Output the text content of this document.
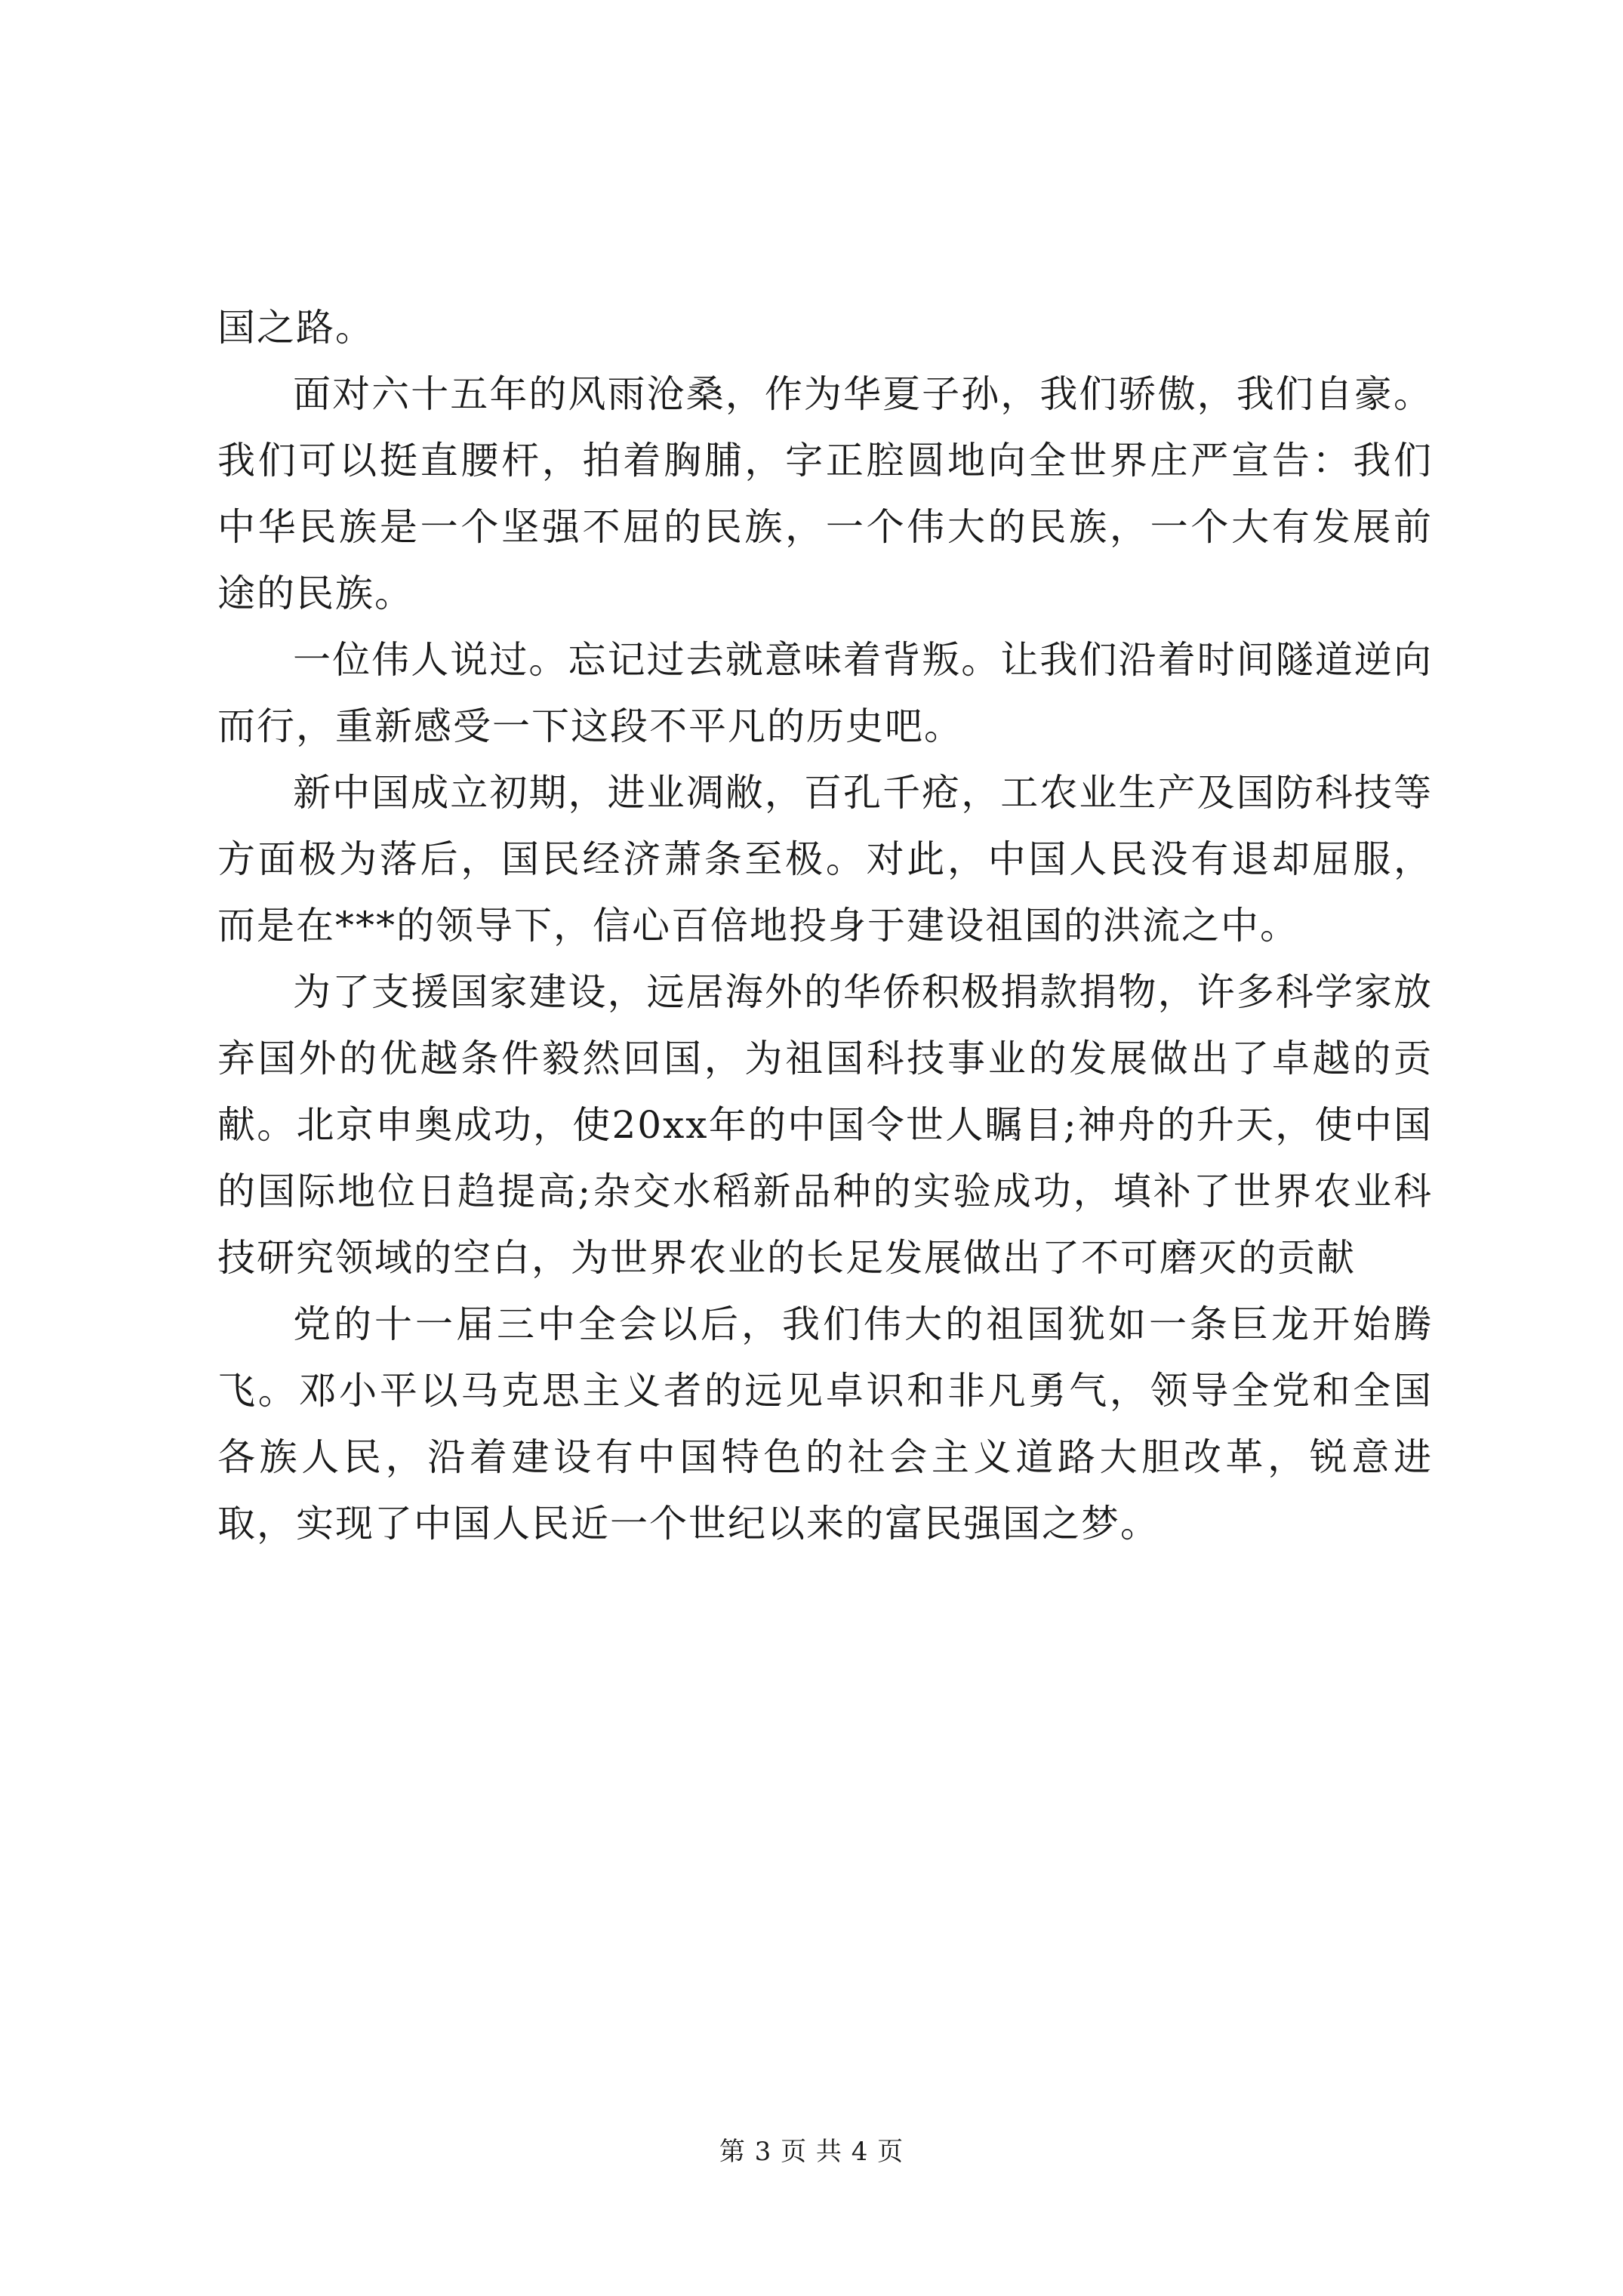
国之路。

面对六十五年的风雨沧桑，作为华夏子孙，我们骄傲，我们自豪。我们可以挺直腰杆，拍着胸脯，字正腔圆地向全世界庄严宣告：我们中华民族是一个坚强不屈的民族，一个伟大的民族，一个大有发展前途的民族。

一位伟人说过。忘记过去就意味着背叛。让我们沿着时间隧道逆向而行，重新感受一下这段不平凡的历史吧。

新中国成立初期，进业凋敝，百孔千疮，工农业生产及国防科技等方面极为落后，国民经济萧条至极。对此，中国人民没有退却屈服，而是在***的领导下，信心百倍地投身于建设祖国的洪流之中。

为了支援国家建设，远居海外的华侨积极捐款捐物，许多科学家放弃国外的优越条件毅然回国，为祖国科技事业的发展做出了卓越的贡献。北京申奥成功，使20xx年的中国令世人瞩目;神舟的升天，使中国的国际地位日趋提高;杂交水稻新品种的实验成功，填补了世界农业科技研究领域的空白，为世界农业的长足发展做出了不可磨灭的贡献

党的十一届三中全会以后，我们伟大的祖国犹如一条巨龙开始腾飞。邓小平以马克思主义者的远见卓识和非凡勇气，领导全党和全国各族人民，沿着建设有中国特色的社会主义道路大胆改革，锐意进取，实现了中国人民近一个世纪以来的富民强国之梦。

第 3 页 共 4 页
